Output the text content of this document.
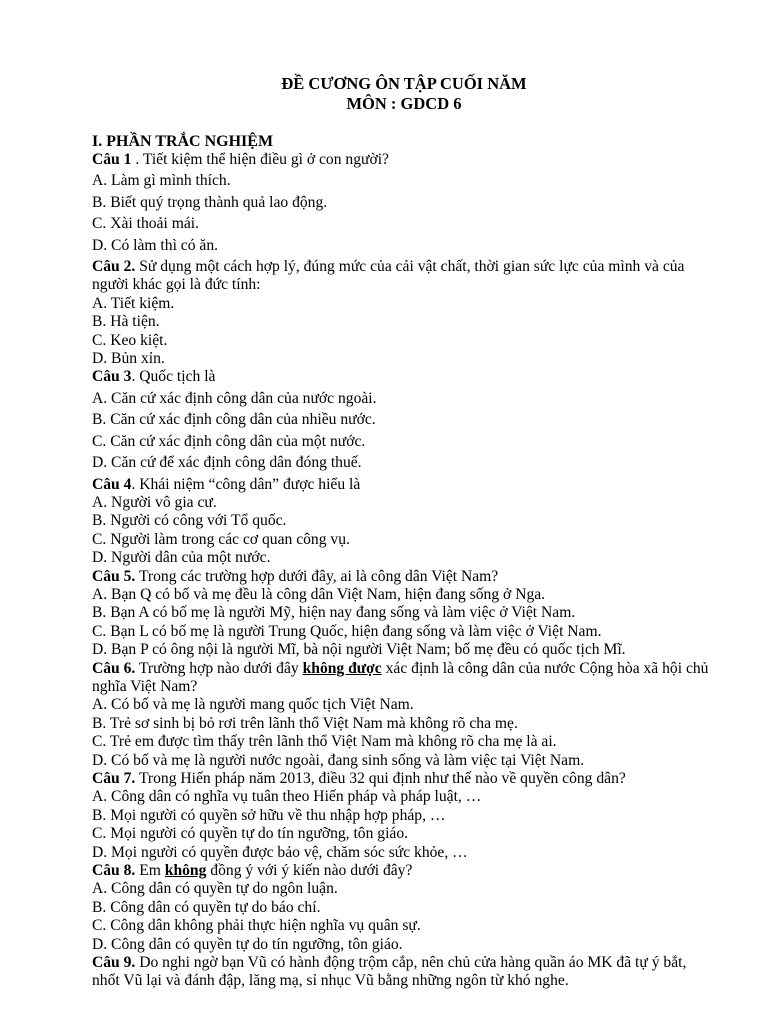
ĐỀ CƯƠNG ÔN TẬP CUỐI NĂM
MÔN : GDCD 6
I. PHẦN TRẮC NGHIỆM

Câu 1 . Tiết kiệm thể hiện điều gì ở con người?

A. Làm gì mình thích.

B. Biết quý trọng thành quả lao động.

C. Xài thoải mái.

D. Có làm thì có ăn.

Câu 2. Sử dụng một cách hợp lý, đúng mức của cải vật chất, thời gian sức lực của mình và của người khác gọi là đức tính:

A. Tiết kiệm.

B. Hà tiện.

C. Keo kiệt.

D. Bủn xỉn.

Câu 3. Quốc tịch là

A. Căn cứ xác định công dân của nước ngoài.

B. Căn cứ xác định công dân của nhiều nước.

C. Căn cứ xác định công dân của một nước.

D. Căn cứ để xác định công dân đóng thuế.

Câu 4. Khái niệm “công dân” được hiểu là

A. Người vô gia cư.

B. Người có công với Tổ quốc.

C. Người làm trong các cơ quan công vụ.

D. Người dân của một nước.

Câu 5. Trong các trường hợp dưới đây, ai là công dân Việt Nam?

A. Bạn Q có bố và mẹ đều là công dân Việt Nam, hiện đang sống ở Nga.

B. Bạn A có bố mẹ là người Mỹ, hiện nay đang sống và làm việc ở Việt Nam.

C. Bạn L có bố mẹ là người Trung Quốc, hiện đang sống và làm việc ở Việt Nam.

D. Bạn P có ông nội là người Mĩ, bà nội người Việt Nam; bố mẹ đều có quốc tịch Mĩ.

Câu 6. Trường hợp nào dưới đây không được xác định là công dân của nước Cộng hòa xã hội chủ nghĩa Việt Nam?

A. Có bố và mẹ là người mang quốc tịch Việt Nam.

B. Trẻ sơ sinh bị bỏ rơi trên lãnh thổ Việt Nam mà không rõ cha mẹ.

C. Trẻ em được tìm thấy trên lãnh thổ Việt Nam mà không rõ cha mẹ là ai.

D. Có bố và mẹ là người nước ngoài, đang sinh sống và làm việc tại Việt Nam.

Câu 7. Trong Hiến pháp năm 2013, điều 32 qui định như thế nào về quyền công dân?

A. Công dân có nghĩa vụ tuân theo Hiến pháp và pháp luật, …

B. Mọi người có quyền sở hữu về thu nhập hợp pháp, …

C. Mọi người có quyền tự do tín ngưỡng, tôn giáo.

D. Mọi người có quyền được bảo vệ, chăm sóc sức khỏe, …

Câu 8. Em không đồng ý với ý kiến nào dưới đây?

A. Công dân có quyền tự do ngôn luận.

B. Công dân có quyền tự do báo chí.

C. Công dân không phải thực hiện nghĩa vụ quân sự.

D. Công dân có quyền tự do tín ngưỡng, tôn giáo.

Câu 9. Do nghi ngờ bạn Vũ có hành động trộm cắp, nên chủ cửa hàng quần áo MK đã tự ý bắt, nhốt Vũ lại và đánh đập, lăng mạ, sỉ nhục Vũ bằng những ngôn từ khó nghe.
